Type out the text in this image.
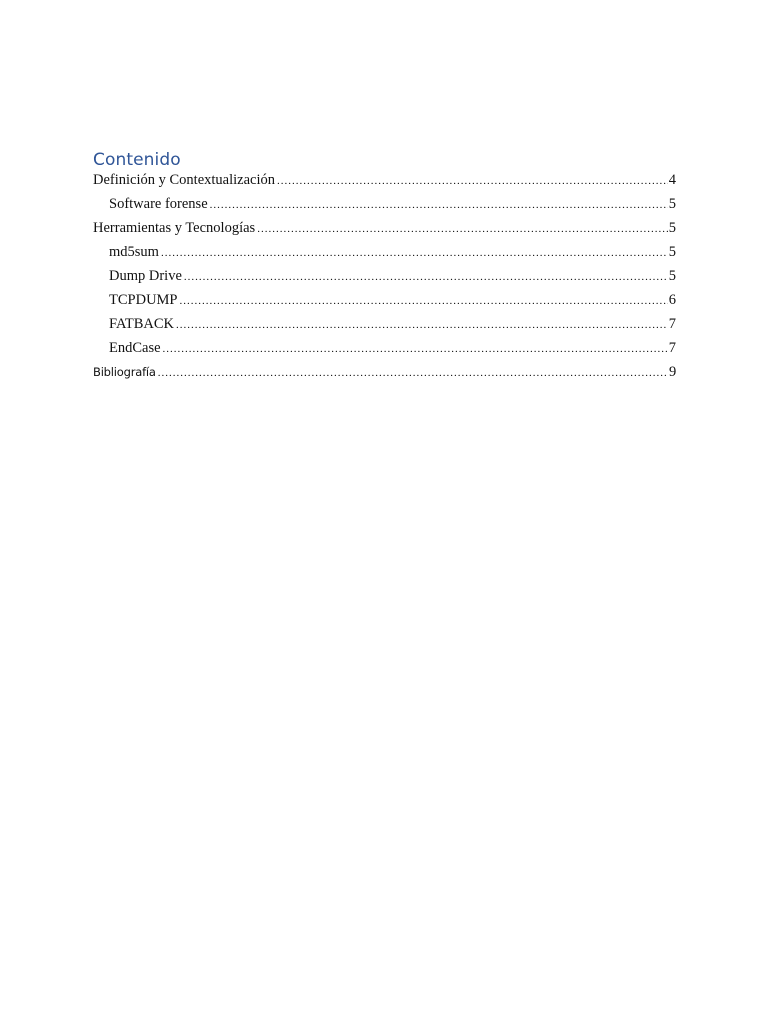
Contenido
Definición y Contextualización .....	4
Software forense .....	5
Herramientas y Tecnologías .....	5
md5sum .....	5
Dump Drive .....	5
TCPDUMP .....	6
FATBACK .....	7
EndCase .....	7
Bibliografía .....	9
